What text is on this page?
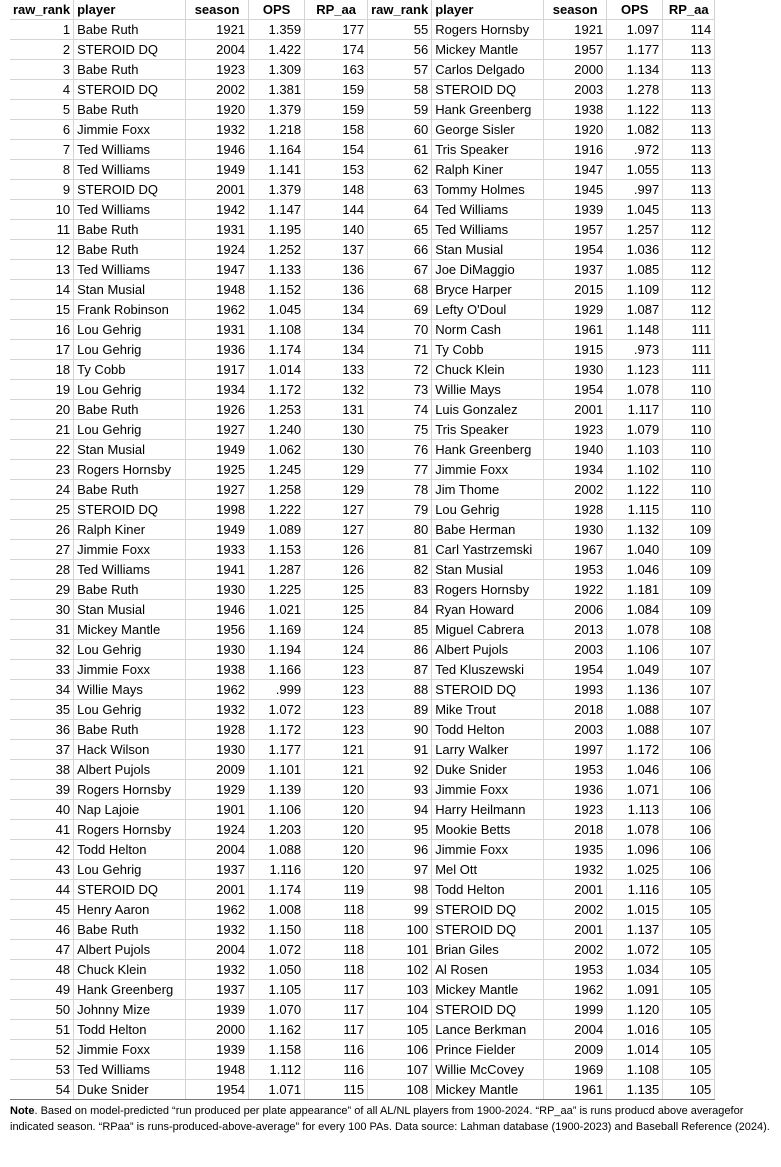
raw_rank	player	season	OPS	RP_aa	raw_rank	player	season	OPS	RP_aa
1	Babe Ruth	1921	1.359	177	55	Rogers Hornsby	1921	1.097	114
2	STEROID DQ	2004	1.422	174	56	Mickey Mantle	1957	1.177	113
3	Babe Ruth	1923	1.309	163	57	Carlos Delgado	2000	1.134	113
4	STEROID DQ	2002	1.381	159	58	STEROID DQ	2003	1.278	113
5	Babe Ruth	1920	1.379	159	59	Hank Greenberg	1938	1.122	113
6	Jimmie Foxx	1932	1.218	158	60	George Sisler	1920	1.082	113
7	Ted Williams	1946	1.164	154	61	Tris Speaker	1916	.972	113
8	Ted Williams	1949	1.141	153	62	Ralph Kiner	1947	1.055	113
9	STEROID DQ	2001	1.379	148	63	Tommy Holmes	1945	.997	113
10	Ted Williams	1942	1.147	144	64	Ted Williams	1939	1.045	113
11	Babe Ruth	1931	1.195	140	65	Ted Williams	1957	1.257	112
12	Babe Ruth	1924	1.252	137	66	Stan Musial	1954	1.036	112
13	Ted Williams	1947	1.133	136	67	Joe DiMaggio	1937	1.085	112
14	Stan Musial	1948	1.152	136	68	Bryce Harper	2015	1.109	112
15	Frank Robinson	1962	1.045	134	69	Lefty O'Doul	1929	1.087	112
16	Lou Gehrig	1931	1.108	134	70	Norm Cash	1961	1.148	111
17	Lou Gehrig	1936	1.174	134	71	Ty Cobb	1915	.973	111
18	Ty Cobb	1917	1.014	133	72	Chuck Klein	1930	1.123	111
19	Lou Gehrig	1934	1.172	132	73	Willie Mays	1954	1.078	110
20	Babe Ruth	1926	1.253	131	74	Luis Gonzalez	2001	1.117	110
21	Lou Gehrig	1927	1.240	130	75	Tris Speaker	1923	1.079	110
22	Stan Musial	1949	1.062	130	76	Hank Greenberg	1940	1.103	110
23	Rogers Hornsby	1925	1.245	129	77	Jimmie Foxx	1934	1.102	110
24	Babe Ruth	1927	1.258	129	78	Jim Thome	2002	1.122	110
25	STEROID DQ	1998	1.222	127	79	Lou Gehrig	1928	1.115	110
26	Ralph Kiner	1949	1.089	127	80	Babe Herman	1930	1.132	109
27	Jimmie Foxx	1933	1.153	126	81	Carl Yastrzemski	1967	1.040	109
28	Ted Williams	1941	1.287	126	82	Stan Musial	1953	1.046	109
29	Babe Ruth	1930	1.225	125	83	Rogers Hornsby	1922	1.181	109
30	Stan Musial	1946	1.021	125	84	Ryan Howard	2006	1.084	109
31	Mickey Mantle	1956	1.169	124	85	Miguel Cabrera	2013	1.078	108
32	Lou Gehrig	1930	1.194	124	86	Albert Pujols	2003	1.106	107
33	Jimmie Foxx	1938	1.166	123	87	Ted Kluszewski	1954	1.049	107
34	Willie Mays	1962	.999	123	88	STEROID DQ	1993	1.136	107
35	Lou Gehrig	1932	1.072	123	89	Mike Trout	2018	1.088	107
36	Babe Ruth	1928	1.172	123	90	Todd Helton	2003	1.088	107
37	Hack Wilson	1930	1.177	121	91	Larry Walker	1997	1.172	106
38	Albert Pujols	2009	1.101	121	92	Duke Snider	1953	1.046	106
39	Rogers Hornsby	1929	1.139	120	93	Jimmie Foxx	1936	1.071	106
40	Nap Lajoie	1901	1.106	120	94	Harry Heilmann	1923	1.113	106
41	Rogers Hornsby	1924	1.203	120	95	Mookie Betts	2018	1.078	106
42	Todd Helton	2004	1.088	120	96	Jimmie Foxx	1935	1.096	106
43	Lou Gehrig	1937	1.116	120	97	Mel Ott	1932	1.025	106
44	STEROID DQ	2001	1.174	119	98	Todd Helton	2001	1.116	105
45	Henry Aaron	1962	1.008	118	99	STEROID DQ	2002	1.015	105
46	Babe Ruth	1932	1.150	118	100	STEROID DQ	2001	1.137	105
47	Albert Pujols	2004	1.072	118	101	Brian Giles	2002	1.072	105
48	Chuck Klein	1932	1.050	118	102	Al Rosen	1953	1.034	105
49	Hank Greenberg	1937	1.105	117	103	Mickey Mantle	1962	1.091	105
50	Johnny Mize	1939	1.070	117	104	STEROID DQ	1999	1.120	105
51	Todd Helton	2000	1.162	117	105	Lance Berkman	2004	1.016	105
52	Jimmie Foxx	1939	1.158	116	106	Prince Fielder	2009	1.014	105
53	Ted Williams	1948	1.112	116	107	Willie McCovey	1969	1.108	105
54	Duke Snider	1954	1.071	115	108	Mickey Mantle	1961	1.135	105
Note. Based on model-predicted “run produced per plate appearance” of all AL/NL players from 1900-2024. “RP_aa” is runs producd above averagefor indicated season. “RPaa” is runs-produced-above-average” for every 100 PAs. Data source: Lahman database (1900-2023) and Baseball Reference (2024).
